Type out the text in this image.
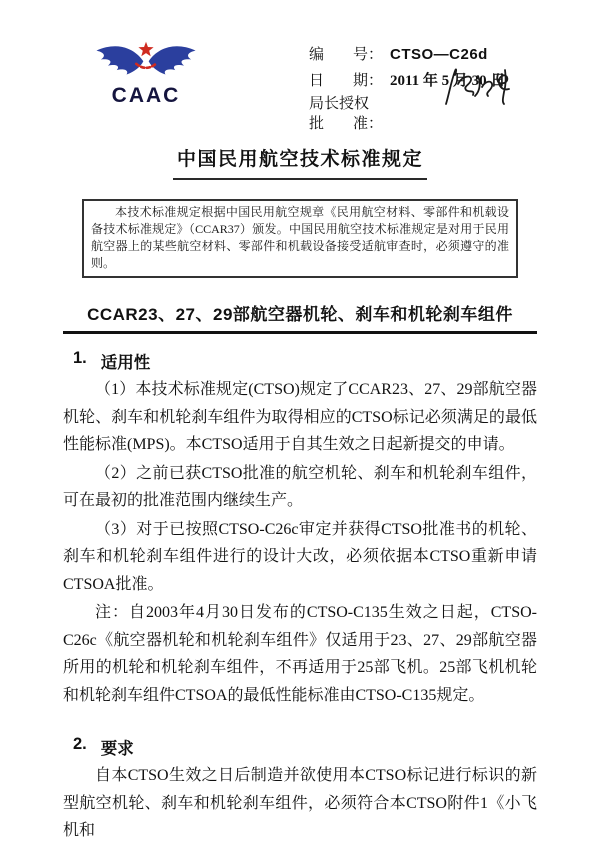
CAAC
编 号： CTSO—C26d
日 期： 2011 年 5 月 30 日
局长授权
批 准：
中国民用航空技术标准规定
本技术标准规定根据中国民用航空规章《民用航空材料、零部件和机载设备技术标准规定》（CCAR37）颁发。中国民用航空技术标准规定是对用于民用航空器上的某些航空材料、零部件和机载设备接受适航审查时，必须遵守的准则。
CCAR23、27、29部航空器机轮、刹车和机轮刹车组件
1. 适用性

（1）本技术标准规定(CTSO)规定了CCAR23、27、29部航空器机轮、刹车和机轮刹车组件为取得相应的CTSO标记必须满足的最低性能标准(MPS)。本CTSO适用于自其生效之日起新提交的申请。

（2）之前已获CTSO批准的航空机轮、刹车和机轮刹车组件，可在最初的批准范围内继续生产。

（3）对于已按照CTSO-C26c审定并获得CTSO批准书的机轮、刹车和机轮刹车组件进行的设计大改，必须依据本CTSO重新申请CTSOA批准。

注：自2003年4月30日发布的CTSO-C135生效之日起，CTSO-C26c《航空器机轮和机轮刹车组件》仅适用于23、27、29部航空器所用的机轮和机轮刹车组件，不再适用于25部飞机。25部飞机机轮和机轮刹车组件CTSOA的最低性能标准由CTSO-C135规定。

2. 要求

自本CTSO生效之日后制造并欲使用本CTSO标记进行标识的新型航空机轮、刹车和机轮刹车组件，必须符合本CTSO附件1《小飞机和
